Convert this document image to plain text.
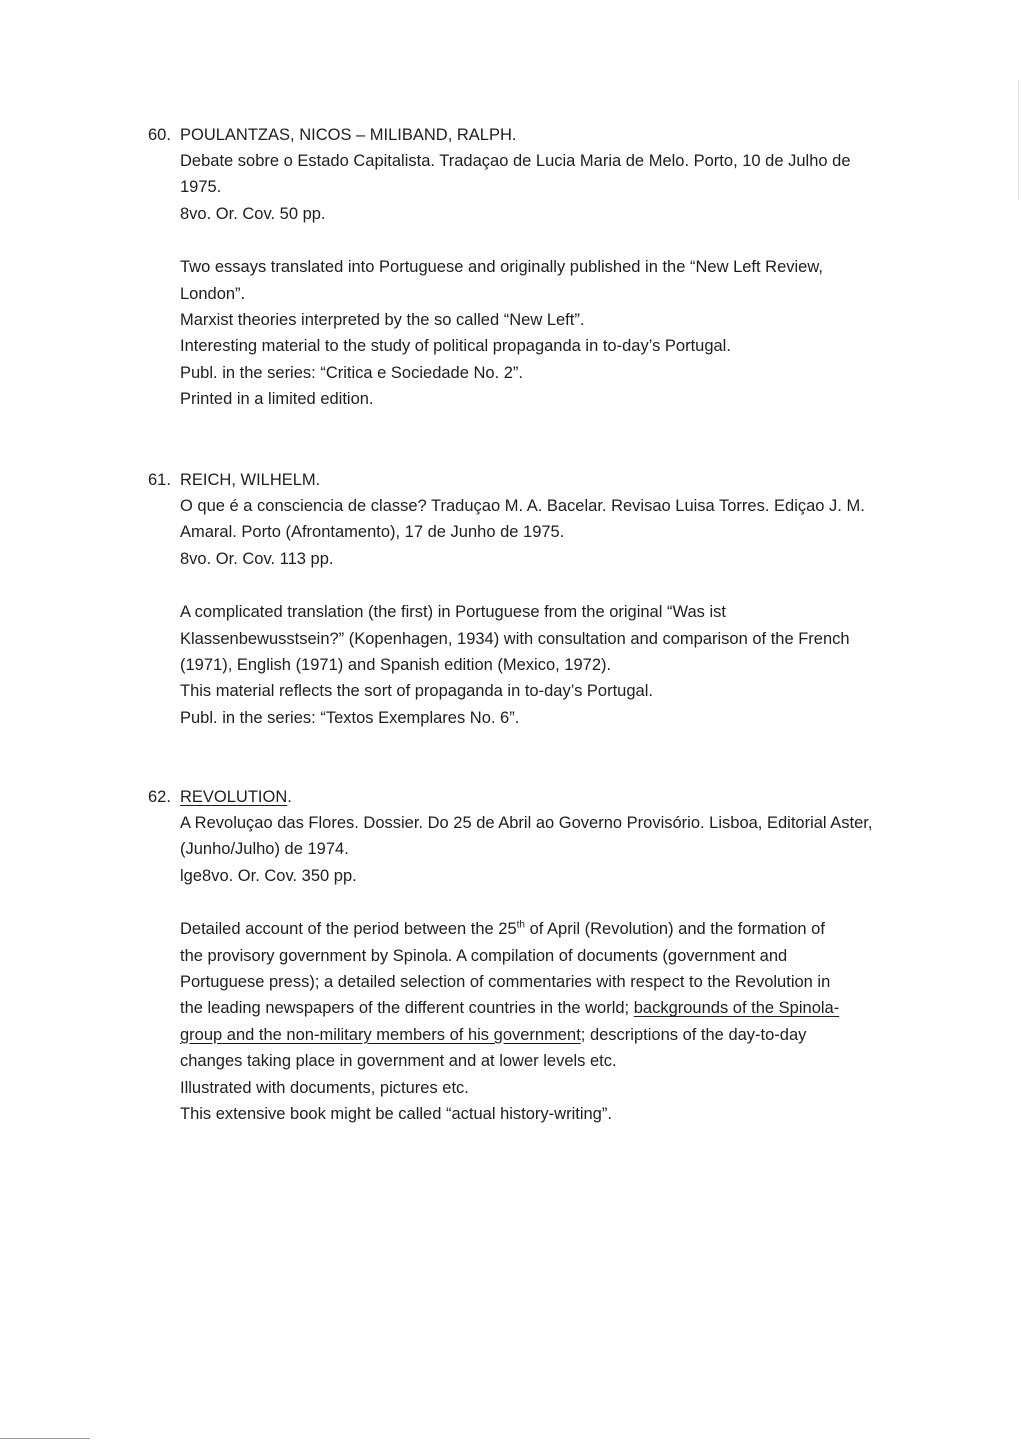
60. POULANTZAS, NICOS – MILIBAND, RALPH.
Debate sobre o Estado Capitalista. Tradaçao de Lucia Maria de Melo. Porto, 10 de Julho de
1975.
8vo. Or. Cov. 50 pp.
Two essays translated into Portuguese and originally published in the “New Left Review,
London”.
Marxist theories interpreted by the so called “New Left”.
Interesting material to the study of political propaganda in to-day’s Portugal.
Publ. in the series: “Critica e Sociedade No. 2”.
Printed in a limited edition.
61. REICH, WILHELM.
O que é a consciencia de classe? Traduçao M. A. Bacelar. Revisao Luisa Torres. Ediçao J. M.
Amaral. Porto (Afrontamento), 17 de Junho de 1975.
8vo. Or. Cov. 113 pp.
A complicated translation (the first) in Portuguese from the original “Was ist
Klassenbewusstsein?” (Kopenhagen, 1934) with consultation and comparison of the French
(1971), English (1971) and Spanish edition (Mexico, 1972).
This material reflects the sort of propaganda in to-day’s Portugal.
Publ. in the series: “Textos Exemplares No. 6”.
62. REVOLUTION.
A Revoluçao das Flores. Dossier. Do 25 de Abril ao Governo Provisório. Lisboa, Editorial Aster,
(Junho/Julho) de 1974.
lge8vo. Or. Cov. 350 pp.
Detailed account of the period between the 25th of April (Revolution) and the formation of
the provisory government by Spinola. A compilation of documents (government and
Portuguese press); a detailed selection of commentaries with respect to the Revolution in
the leading newspapers of the different countries in the world; backgrounds of the Spinola-
group and the non-military members of his government; descriptions of the day-to-day
changes taking place in government and at lower levels etc.
Illustrated with documents, pictures etc.
This extensive book might be called “actual history-writing”.
